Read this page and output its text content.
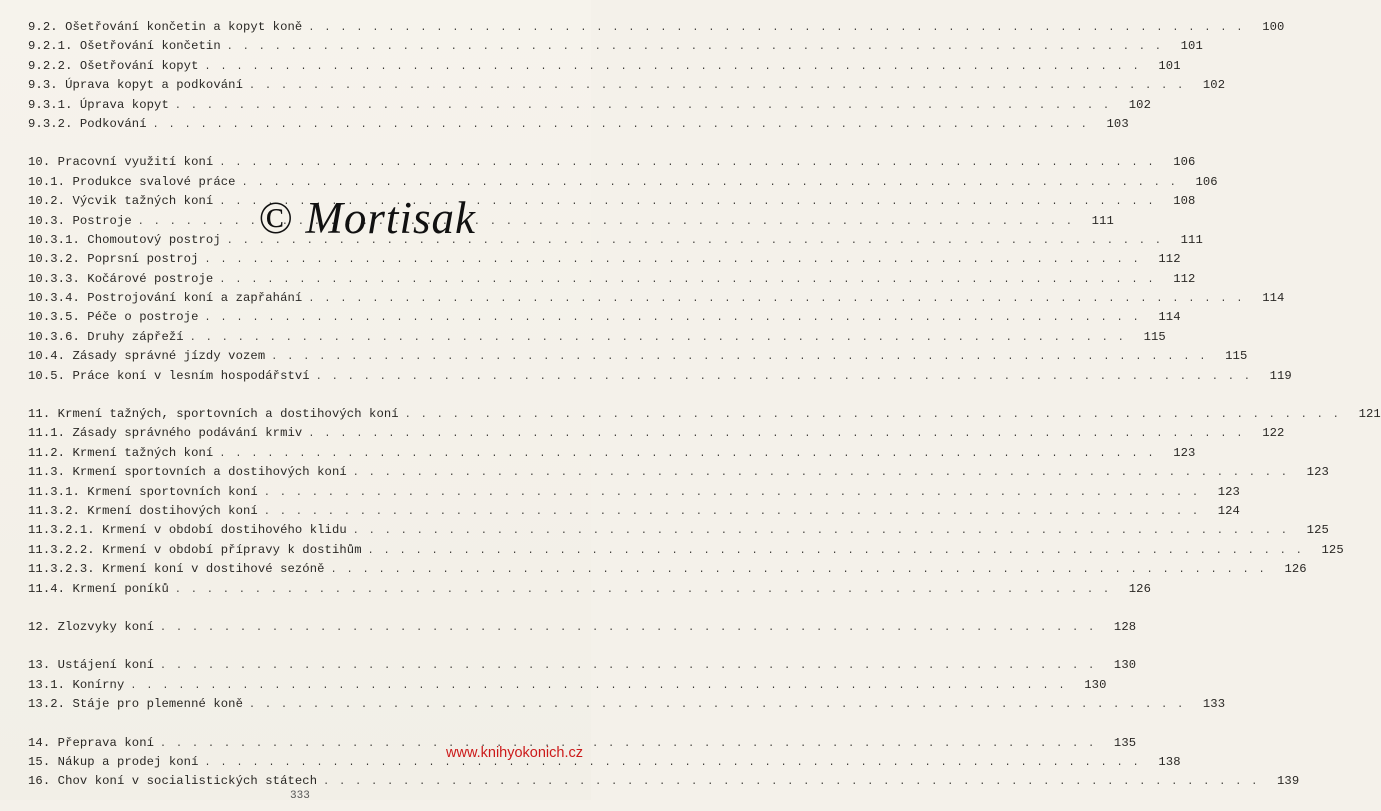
9.2. Ošetřování končetin a kopyt koně . . . . . . . . . . . . . . . . . . . . . . . . . . . . . . . . . . . . . . . . . . . . . . . . . . . . . . . . . . .	100
9.2.1. Ošetřování končetin . . . . . . . . . . . . . . . . . . . . . . . . . . . . . . . . . . . . . . . . . . . . . . . . . . . . . . . . . . .	101
9.2.2. Ošetřování kopyt . . . . . . . . . . . . . . . . . . . . . . . . . . . . . . . . . . . . . . . . . . . . . . . . . . . . . . . . . . .	101
9.3. Úprava kopyt a podkování . . . . . . . . . . . . . . . . . . . . . . . . . . . . . . . . . . . . . . . . . . . . . . . . . . . . . . . . . . .	102
9.3.1. Úprava kopyt . . . . . . . . . . . . . . . . . . . . . . . . . . . . . . . . . . . . . . . . . . . . . . . . . . . . . . . . . . .	102
9.3.2. Podkování . . . . . . . . . . . . . . . . . . . . . . . . . . . . . . . . . . . . . . . . . . . . . . . . . . . . . . . . . . .	103
10. Pracovní využití koní . . . . . . . . . . . . . . . . . . . . . . . . . . . . . . . . . . . . . . . . . . . . . . . . . . . . . . . . . . .	106
10.1. Produkce svalové práce . . . . . . . . . . . . . . . . . . . . . . . . . . . . . . . . . . . . . . . . . . . . . . . . . . . . . . . . . . .	106
10.2. Výcvik tažných koní . . . . . . . . . . . . . . . . . . . . . . . . . . . . . . . . . . . . . . . . . . . . . . . . . . . . . . . . . . .	108
10.3. Postroje . . . . . . . . . . . . . . . . . . . . . . . . . . . . . . . . . . . . . . . . . . . . . . . . . . . . . . . . . . .	111
10.3.1. Chomoutový postroj . . . . . . . . . . . . . . . . . . . . . . . . . . . . . . . . . . . . . . . . . . . . . . . . . . . . . . . . . . .	111
10.3.2. Poprsní postroj . . . . . . . . . . . . . . . . . . . . . . . . . . . . . . . . . . . . . . . . . . . . . . . . . . . . . . . . . . .	112
10.3.3. Kočárové postroje . . . . . . . . . . . . . . . . . . . . . . . . . . . . . . . . . . . . . . . . . . . . . . . . . . . . . . . . . . .	112
10.3.4. Postrojování koní a zapřahání . . . . . . . . . . . . . . . . . . . . . . . . . . . . . . . . . . . . . . . . . . . . . . . . . . . . . . . . . . .	114
10.3.5. Péče o postroje . . . . . . . . . . . . . . . . . . . . . . . . . . . . . . . . . . . . . . . . . . . . . . . . . . . . . . . . . . .	114
10.3.6. Druhy zápřeží . . . . . . . . . . . . . . . . . . . . . . . . . . . . . . . . . . . . . . . . . . . . . . . . . . . . . . . . . . .	115
10.4. Zásady správné jízdy vozem . . . . . . . . . . . . . . . . . . . . . . . . . . . . . . . . . . . . . . . . . . . . . . . . . . . . . . . . . . .	115
10.5. Práce koní v lesním hospodářství . . . . . . . . . . . . . . . . . . . . . . . . . . . . . . . . . . . . . . . . . . . . . . . . . . . . . . . . . . .	119
11. Krmení tažných, sportovních a dostihových koní . . . . . . . . . . . . . . . . . . . . . . . . . . . . . . . . . . . . . . . . . . . . . . . . . . . . . . . . . . .	121
11.1. Zásady správného podávání krmiv . . . . . . . . . . . . . . . . . . . . . . . . . . . . . . . . . . . . . . . . . . . . . . . . . . . . . . . . . . .	122
11.2. Krmení tažných koní . . . . . . . . . . . . . . . . . . . . . . . . . . . . . . . . . . . . . . . . . . . . . . . . . . . . . . . . . . .	123
11.3. Krmení sportovních a dostihových koní . . . . . . . . . . . . . . . . . . . . . . . . . . . . . . . . . . . . . . . . . . . . . . . . . . . . . . . . . . .	123
11.3.1. Krmení sportovních koní . . . . . . . . . . . . . . . . . . . . . . . . . . . . . . . . . . . . . . . . . . . . . . . . . . . . . . . . . . .	123
11.3.2. Krmení dostihových koní . . . . . . . . . . . . . . . . . . . . . . . . . . . . . . . . . . . . . . . . . . . . . . . . . . . . . . . . . . .	124
11.3.2.1. Krmení v období dostihového klidu . . . . . . . . . . . . . . . . . . . . . . . . . . . . . . . . . . . . . . . . . . . . . . . . . . . . . . . . . . .	125
11.3.2.2. Krmení v období přípravy k dostihům . . . . . . . . . . . . . . . . . . . . . . . . . . . . . . . . . . . . . . . . . . . . . . . . . . . . . . . . . . .	125
11.3.2.3. Krmení koní v dostihové sezóně . . . . . . . . . . . . . . . . . . . . . . . . . . . . . . . . . . . . . . . . . . . . . . . . . . . . . . . . . . .	126
11.4. Krmení poníků . . . . . . . . . . . . . . . . . . . . . . . . . . . . . . . . . . . . . . . . . . . . . . . . . . . . . . . . . . .	126
12. Zlozvyky koní . . . . . . . . . . . . . . . . . . . . . . . . . . . . . . . . . . . . . . . . . . . . . . . . . . . . . . . . . . .	128
13. Ustájení koní . . . . . . . . . . . . . . . . . . . . . . . . . . . . . . . . . . . . . . . . . . . . . . . . . . . . . . . . . . .	130
13.1. Konírny . . . . . . . . . . . . . . . . . . . . . . . . . . . . . . . . . . . . . . . . . . . . . . . . . . . . . . . . . . .	130
13.2. Stáje pro plemenné koně . . . . . . . . . . . . . . . . . . . . . . . . . . . . . . . . . . . . . . . . . . . . . . . . . . . . . . . . . . .	133
14. Přeprava koní . . . . . . . . . . . . . . . . . . . . . . . . . . . . . . . . . . . . . . . . . . . . . . . . . . . . . . . . . . .	135
15. Nákup a prodej koní . . . . . . . . . . . . . . . . . . . . . . . . . . . . . . . . . . . . . . . . . . . . . . . . . . . . . . . . . . .	138
16. Chov koní v socialistických státech . . . . . . . . . . . . . . . . . . . . . . . . . . . . . . . . . . . . . . . . . . . . . . . . . . . . . . . . . . .	139
© Mortisak
www.knihyokonich.cz
333
